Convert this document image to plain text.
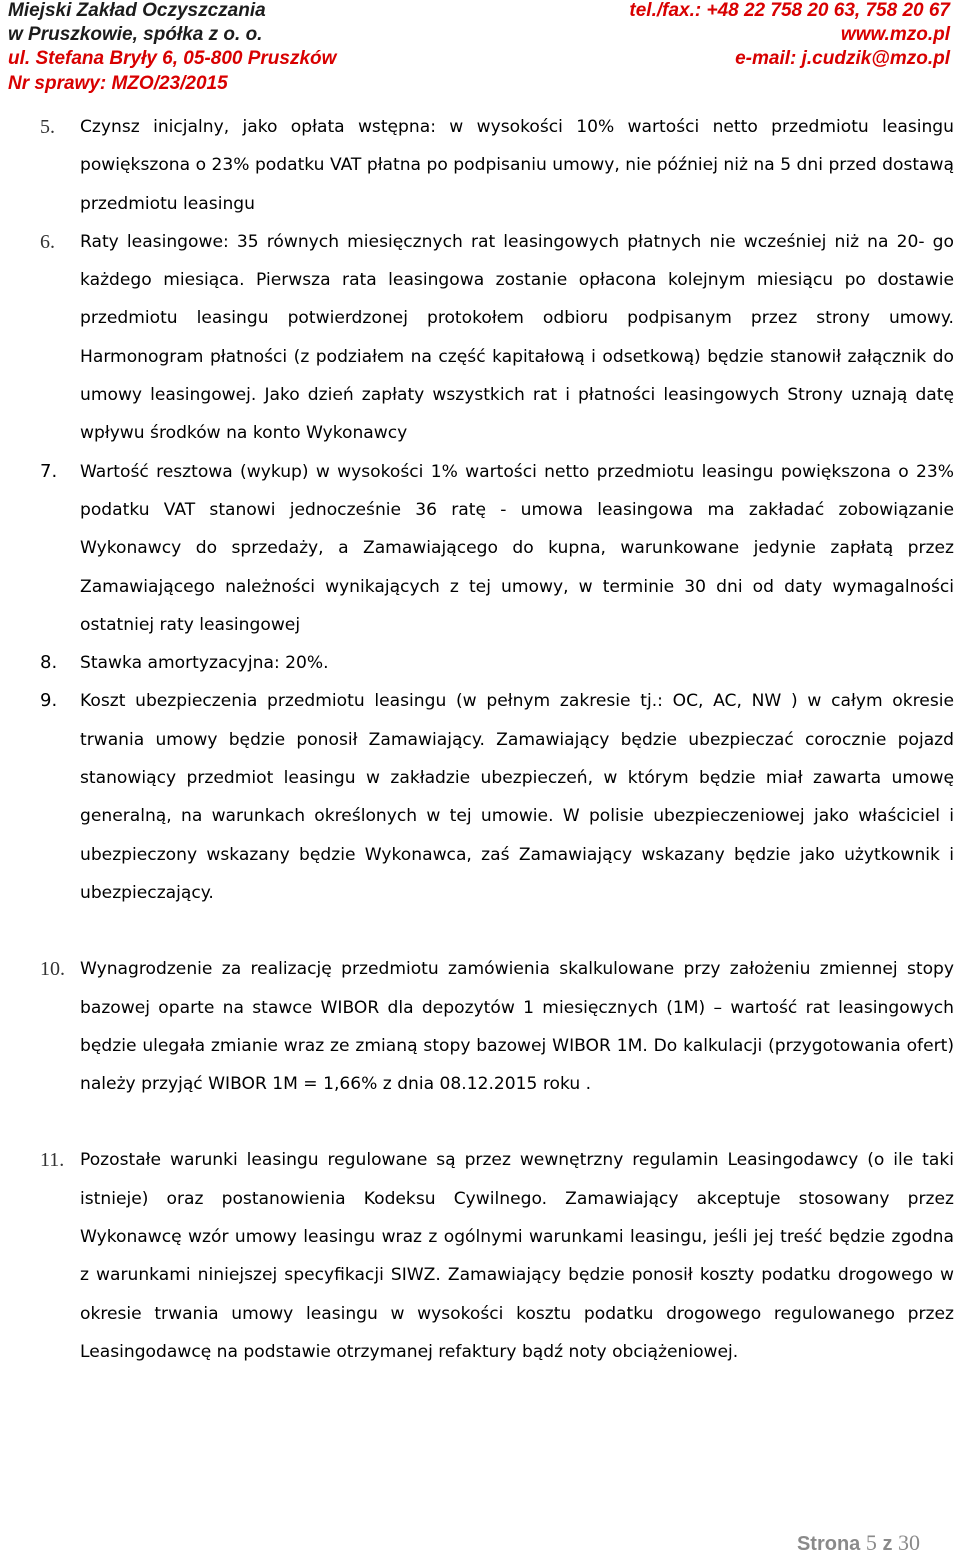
Miejski Zakład Oczyszczania
w Pruszkowie, spółka z o. o.
ul. Stefana Bryły 6, 05-800 Pruszków
Nr sprawy: MZO/23/2015
tel./fax.: +48 22 758 20 63, 758 20 67
www.mzo.pl
e-mail: j.cudzik@mzo.pl
5. Czynsz inicjalny, jako opłata wstępna: w wysokości 10% wartości netto przedmiotu leasingu powiększona o 23% podatku VAT płatna po podpisaniu umowy, nie później niż na 5 dni przed dostawą przedmiotu leasingu

6. Raty leasingowe: 35 równych miesięcznych rat leasingowych płatnych nie wcześniej niż na 20- go każdego miesiąca. Pierwsza rata leasingowa zostanie opłacona kolejnym miesiącu po dostawie przedmiotu leasingu potwierdzonej protokołem odbioru podpisanym przez strony umowy. Harmonogram płatności (z podziałem na część kapitałową i odsetkową) będzie stanowił załącznik do umowy leasingowej. Jako dzień zapłaty wszystkich rat i płatności leasingowych Strony uznają datę wpływu środków na konto Wykonawcy

7. Wartość resztowa (wykup) w wysokości 1% wartości netto przedmiotu leasingu powiększona o 23% podatku VAT stanowi jednocześnie 36 ratę - umowa leasingowa ma zakładać zobowiązanie Wykonawcy do sprzedaży, a Zamawiającego do kupna, warunkowane jedynie zapłatą przez Zamawiającego należności wynikających z tej umowy, w terminie 30 dni od daty wymagalności ostatniej raty leasingowej

8. Stawka amortyzacyjna: 20%.

9. Koszt ubezpieczenia przedmiotu leasingu (w pełnym zakresie tj.: OC, AC, NW ) w całym okresie trwania umowy będzie ponosił Zamawiający. Zamawiający będzie ubezpieczać corocznie pojazd stanowiący przedmiot leasingu w zakładzie ubezpieczeń, w którym będzie miał zawarta umowę generalną, na warunkach określonych w tej umowie. W polisie ubezpieczeniowej jako właściciel i ubezpieczony wskazany będzie Wykonawca, zaś Zamawiający wskazany będzie jako użytkownik i ubezpieczający.

10. Wynagrodzenie za realizację przedmiotu zamówienia skalkulowane przy założeniu zmiennej stopy bazowej oparte na stawce WIBOR dla depozytów 1 miesięcznych (1M) – wartość rat leasingowych będzie ulegała zmianie wraz ze zmianą stopy bazowej WIBOR 1M. Do kalkulacji (przygotowania ofert) należy przyjąć WIBOR 1M = 1,66% z dnia 08.12.2015 roku .

11. Pozostałe warunki leasingu regulowane są przez wewnętrzny regulamin Leasingodawcy (o ile taki istnieje) oraz postanowienia Kodeksu Cywilnego. Zamawiający akceptuje stosowany przez Wykonawcę wzór umowy leasingu wraz z ogólnymi warunkami leasingu, jeśli jej treść będzie zgodna z warunkami niniejszej specyfikacji SIWZ. Zamawiający będzie ponosił koszty podatku drogowego w okresie trwania umowy leasingu w wysokości kosztu podatku drogowego regulowanego przez Leasingodawcę na podstawie otrzymanej refaktury bądź noty obciążeniowej.

Strona 5 z 30
